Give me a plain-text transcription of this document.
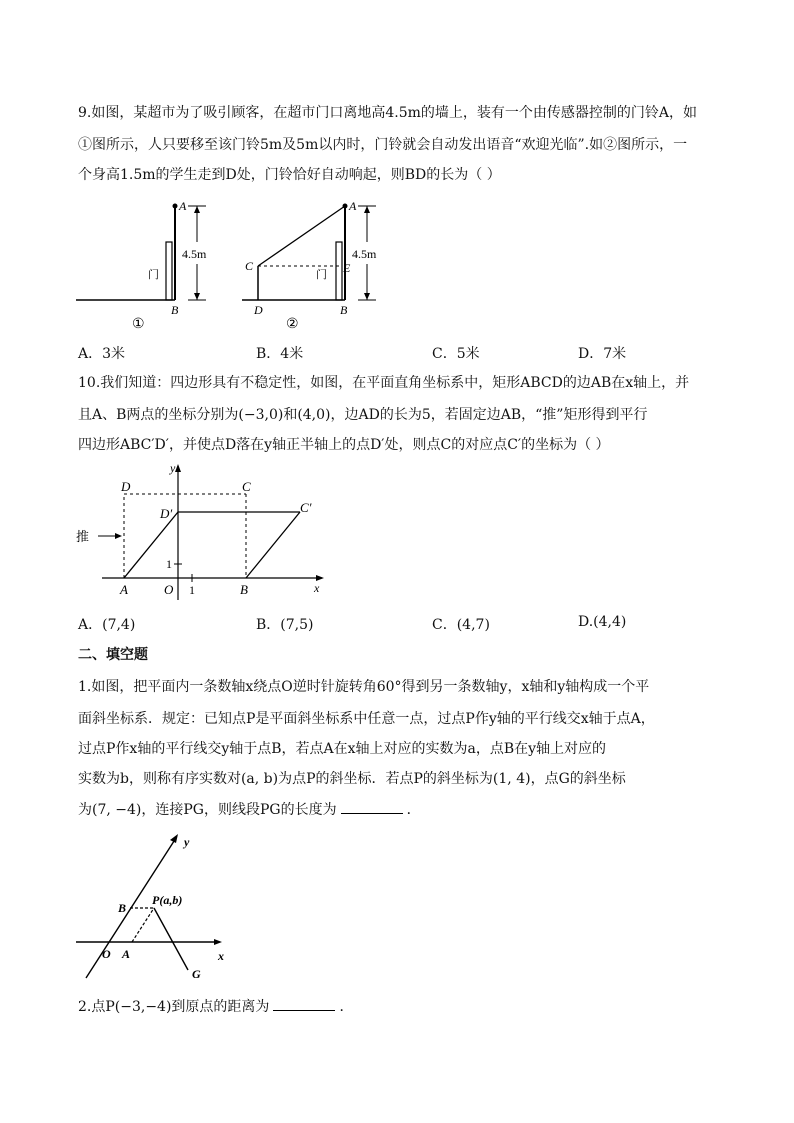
9.如图，某超市为了吸引顾客，在超市门口离地高4.5m的墙上，装有一个由传感器控制的门铃A，如
①图所示，人只要移至该门铃5m及5m以内时，门铃就会自动发出语音“欢迎光临”.如②图所示，一
个身高1.5m的学生走到D处，门铃恰好自动响起，则BD的长为（ ）
A
B
门
4.5m
①
A
C	E
D	B
门
4.5m
②
A．3米	B．4米	C．5米	D．7米
10.我们知道：四边形具有不稳定性，如图，在平面直角坐标系中，矩形ABCD的边AB在x轴上，并
且A、B两点的坐标分别为(−3,0)和(4,0)，边AD的长为5，若固定边AB，“推”矩形得到平行
四边形ABC′D′，并使点D落在y轴正半轴上的点D′处，则点C的对应点C′的坐标为（ ）
推
y
x
D	C
D′	C′
A	O 1
1
B
A．(7,4)	B．(7,5)	C．(4,7)	D.(4,4)
二、填空题
1.如图，把平面内一条数轴x绕点O逆时针旋转角60°得到另一条数轴y，x轴和y轴构成一个平
面斜坐标系．规定：已知点P是平面斜坐标系中任意一点，过点P作y轴的平行线交x轴于点A，
过点P作x轴的平行线交y轴于点B，若点A在x轴上对应的实数为a，点B在y轴上对应的
实数为b，则称有序实数对(a, b)为点P的斜坐标．若点P的斜坐标为(1, 4)，点G的斜坐标
为(7, −4)，连接PG，则线段PG的长度为	．
y
x
B
P(a,b)
O A
G
2.点P(−3,−4)到原点的距离为	．
